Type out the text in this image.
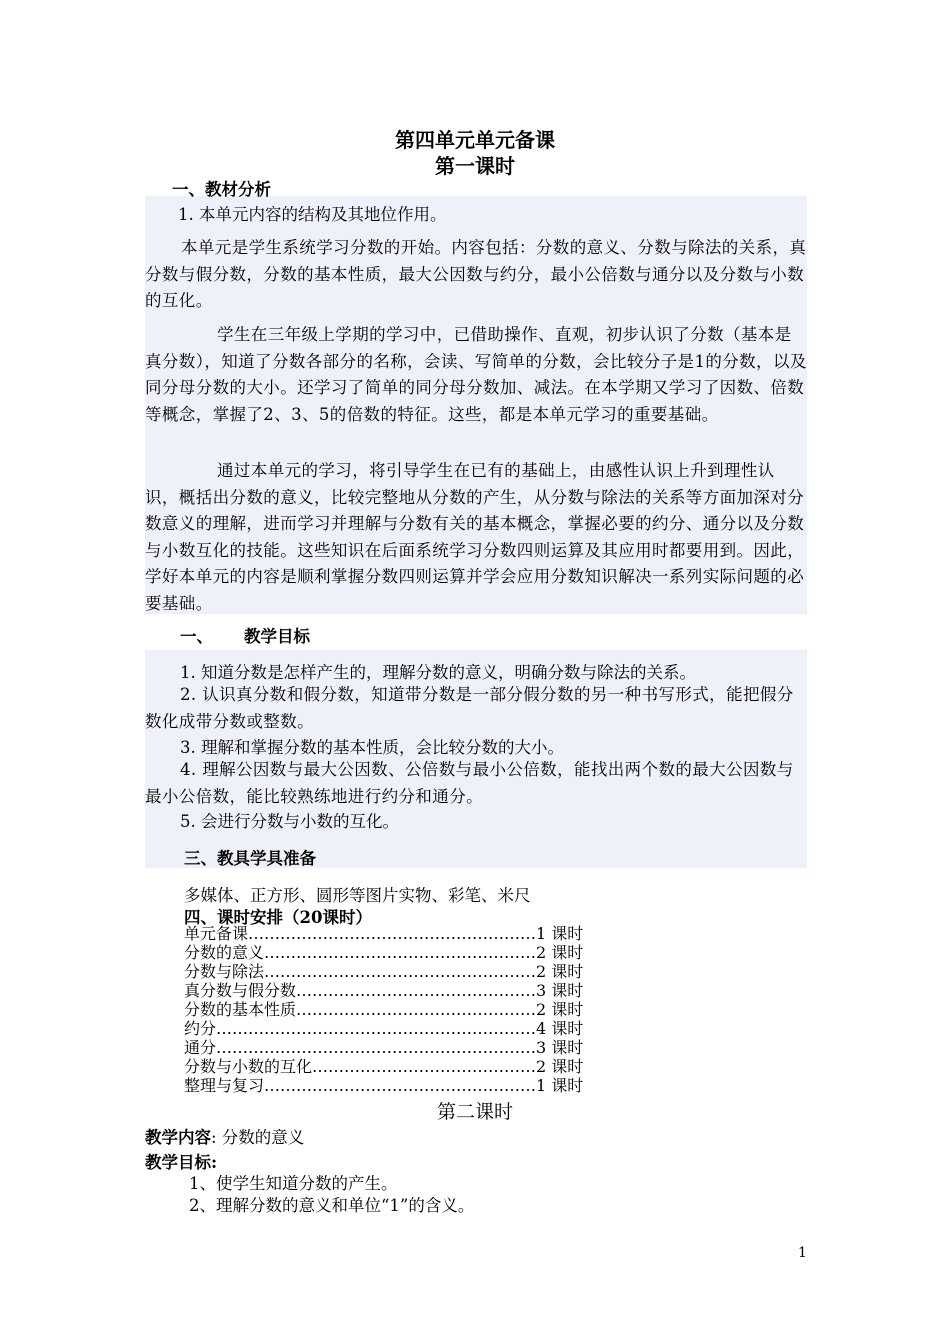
第四单元单元备课
第一课时
一、教材分析
1. 本单元内容的结构及其地位作用。
本单元是学生系统学习分数的开始。内容包括：分数的意义、分数与除法的关系，真分数与假分数，分数的基本性质，最大公因数与约分，最小公倍数与通分以及分数与小数的互化。
学生在三年级上学期的学习中，已借助操作、直观，初步认识了分数（基本是真分数），知道了分数各部分的名称，会读、写简单的分数，会比较分子是1的分数，以及同分母分数的大小。还学习了简单的同分母分数加、减法。在本学期又学习了因数、倍数等概念，掌握了2、3、5的倍数的特征。这些，都是本单元学习的重要基础。
通过本单元的学习，将引导学生在已有的基础上，由感性认识上升到理性认识，概括出分数的意义，比较完整地从分数的产生，从分数与除法的关系等方面加深对分数意义的理解，进而学习并理解与分数有关的基本概念，掌握必要的约分、通分以及分数与小数互化的技能。这些知识在后面系统学习分数四则运算及其应用时都要用到。因此，学好本单元的内容是顺利掌握分数四则运算并学会应用分数知识解决一系列实际问题的必要基础。
一、 教学目标
1. 知道分数是怎样产生的，理解分数的意义，明确分数与除法的关系。
2. 认识真分数和假分数，知道带分数是一部分假分数的另一种书写形式，能把假分数化成带分数或整数。
3. 理解和掌握分数的基本性质，会比较分数的大小。
4. 理解公因数与最大公因数、公倍数与最小公倍数，能找出两个数的最大公因数与最小公倍数，能比较熟练地进行约分和通分。
5. 会进行分数与小数的互化。
三、教具学具准备
多媒体、正方形、圆形等图片实物、彩笔、米尺
四、课时安排（20课时）
单元备课………………………………………………1 课时
分数的意义……………………………………………2 课时
分数与除法……………………………………………2 课时
真分数与假分数………………………………………3 课时
分数的基本性质………………………………………2 课时
约分……………………………………………………4 课时
通分……………………………………………………3 课时
分数与小数的互化……………………………………2 课时
整理与复习……………………………………………1 课时
第二课时
教学内容: 分数的意义
教学目标:
1、使学生知道分数的产生。
2、理解分数的意义和单位“1”的含义。
1
